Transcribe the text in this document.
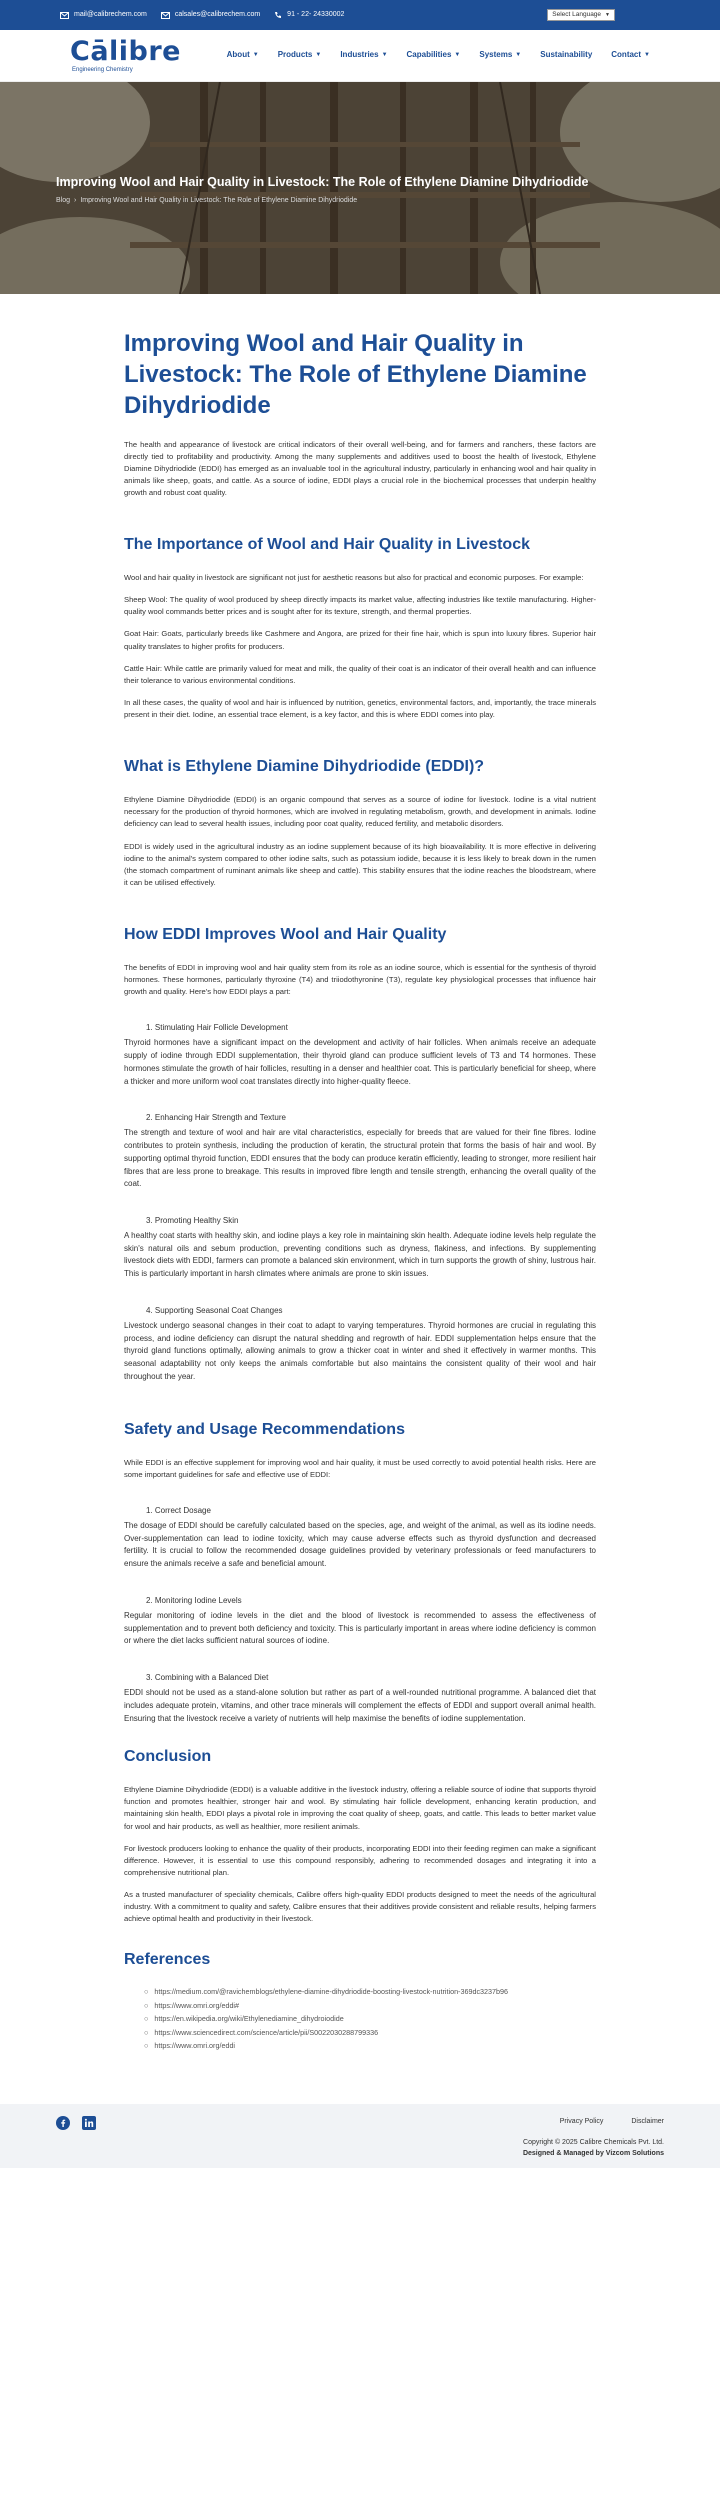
mail@calibrechem.com	calsales@calibrechem.com	91 - 22- 24330002	Select Language ▼
Cālibre
Engineering Chemistry
About ▼ Products ▼ Industries ▼ Capabilities ▼ Systems ▼ Sustainability Contact ▼
Improving Wool and Hair Quality in Livestock: The Role of Ethylene Diamine Dihydriodide
Blog › Improving Wool and Hair Quality in Livestock: The Role of Ethylene Diamine Dihydriodide
Improving Wool and Hair Quality in Livestock: The Role of Ethylene Diamine Dihydriodide

The health and appearance of livestock are critical indicators of their overall well-being, and for farmers and ranchers, these factors are directly tied to profitability and productivity. Among the many supplements and additives used to boost the health of livestock, Ethylene Diamine Dihydriodide (EDDI) has emerged as an invaluable tool in the agricultural industry, particularly in enhancing wool and hair quality in animals like sheep, goats, and cattle. As a source of iodine, EDDI plays a crucial role in the biochemical processes that underpin healthy growth and robust coat quality.

The Importance of Wool and Hair Quality in Livestock

Wool and hair quality in livestock are significant not just for aesthetic reasons but also for practical and economic purposes. For example:

Sheep Wool: The quality of wool produced by sheep directly impacts its market value, affecting industries like textile manufacturing. Higher-quality wool commands better prices and is sought after for its texture, strength, and thermal properties.

Goat Hair: Goats, particularly breeds like Cashmere and Angora, are prized for their fine hair, which is spun into luxury fibres. Superior hair quality translates to higher profits for producers.

Cattle Hair: While cattle are primarily valued for meat and milk, the quality of their coat is an indicator of their overall health and can influence their tolerance to various environmental conditions.

In all these cases, the quality of wool and hair is influenced by nutrition, genetics, environmental factors, and, importantly, the trace minerals present in their diet. Iodine, an essential trace element, is a key factor, and this is where EDDI comes into play.

What is Ethylene Diamine Dihydriodide (EDDI)?

Ethylene Diamine Dihydriodide (EDDI) is an organic compound that serves as a source of iodine for livestock. Iodine is a vital nutrient necessary for the production of thyroid hormones, which are involved in regulating metabolism, growth, and development in animals. Iodine deficiency can lead to several health issues, including poor coat quality, reduced fertility, and metabolic disorders.

EDDI is widely used in the agricultural industry as an iodine supplement because of its high bioavailability. It is more effective in delivering iodine to the animal's system compared to other iodine salts, such as potassium iodide, because it is less likely to break down in the rumen (the stomach compartment of ruminant animals like sheep and cattle). This stability ensures that the iodine reaches the bloodstream, where it can be utilised effectively.

How EDDI Improves Wool and Hair Quality

The benefits of EDDI in improving wool and hair quality stem from its role as an iodine source, which is essential for the synthesis of thyroid hormones. These hormones, particularly thyroxine (T4) and triiodothyronine (T3), regulate key physiological processes that influence hair growth and quality. Here's how EDDI plays a part:

1. Stimulating Hair Follicle Development
Thyroid hormones have a significant impact on the development and activity of hair follicles. When animals receive an adequate supply of iodine through EDDI supplementation, their thyroid gland can produce sufficient levels of T3 and T4 hormones. These hormones stimulate the growth of hair follicles, resulting in a denser and healthier coat. This is particularly beneficial for sheep, where a thicker and more uniform wool coat translates directly into higher-quality fleece.
2. Enhancing Hair Strength and Texture
The strength and texture of wool and hair are vital characteristics, especially for breeds that are valued for their fine fibres. Iodine contributes to protein synthesis, including the production of keratin, the structural protein that forms the basis of hair and wool. By supporting optimal thyroid function, EDDI ensures that the body can produce keratin efficiently, leading to stronger, more resilient hair fibres that are less prone to breakage. This results in improved fibre length and tensile strength, enhancing the overall quality of the coat.
3. Promoting Healthy Skin
A healthy coat starts with healthy skin, and iodine plays a key role in maintaining skin health. Adequate iodine levels help regulate the skin's natural oils and sebum production, preventing conditions such as dryness, flakiness, and infections. By supplementing livestock diets with EDDI, farmers can promote a balanced skin environment, which in turn supports the growth of shiny, lustrous hair. This is particularly important in harsh climates where animals are prone to skin issues.
4. Supporting Seasonal Coat Changes
Livestock undergo seasonal changes in their coat to adapt to varying temperatures. Thyroid hormones are crucial in regulating this process, and iodine deficiency can disrupt the natural shedding and regrowth of hair. EDDI supplementation helps ensure that the thyroid gland functions optimally, allowing animals to grow a thicker coat in winter and shed it effectively in warmer months. This seasonal adaptability not only keeps the animals comfortable but also maintains the consistent quality of their wool and hair throughout the year.
Safety and Usage Recommendations

While EDDI is an effective supplement for improving wool and hair quality, it must be used correctly to avoid potential health risks. Here are some important guidelines for safe and effective use of EDDI:

1. Correct Dosage
The dosage of EDDI should be carefully calculated based on the species, age, and weight of the animal, as well as its iodine needs. Over-supplementation can lead to iodine toxicity, which may cause adverse effects such as thyroid dysfunction and decreased fertility. It is crucial to follow the recommended dosage guidelines provided by veterinary professionals or feed manufacturers to ensure the animals receive a safe and beneficial amount.
2. Monitoring Iodine Levels
Regular monitoring of iodine levels in the diet and the blood of livestock is recommended to assess the effectiveness of supplementation and to prevent both deficiency and toxicity. This is particularly important in areas where iodine deficiency is common or where the diet lacks sufficient natural sources of iodine.
3. Combining with a Balanced Diet
EDDI should not be used as a stand-alone solution but rather as part of a well-rounded nutritional programme. A balanced diet that includes adequate protein, vitamins, and other trace minerals will complement the effects of EDDI and support overall animal health. Ensuring that the livestock receive a variety of nutrients will help maximise the benefits of iodine supplementation.
Conclusion

Ethylene Diamine Dihydriodide (EDDI) is a valuable additive in the livestock industry, offering a reliable source of iodine that supports thyroid function and promotes healthier, stronger hair and wool. By stimulating hair follicle development, enhancing keratin production, and maintaining skin health, EDDI plays a pivotal role in improving the coat quality of sheep, goats, and cattle. This leads to better market value for wool and hair products, as well as healthier, more resilient animals.

For livestock producers looking to enhance the quality of their products, incorporating EDDI into their feeding regimen can make a significant difference. However, it is essential to use this compound responsibly, adhering to recommended dosages and integrating it into a comprehensive nutritional plan.

As a trusted manufacturer of speciality chemicals, Calibre offers high-quality EDDI products designed to meet the needs of the agricultural industry. With a commitment to quality and safety, Calibre ensures that their additives provide consistent and reliable results, helping farmers achieve optimal health and productivity in their livestock.

References
○ https://medium.com/@ravichemblogs/ethylene-diamine-dihydriodide-boosting-livestock-nutrition-369dc3237b96
○ https://www.omri.org/eddi#
○ https://en.wikipedia.org/wiki/Ethylenediamine_dihydroiodide
○ https://www.sciencedirect.com/science/article/pii/S0022030288799336
○ https://www.omri.org/eddi
Privacy Policy	Disclaimer
Copyright © 2025 Calibre Chemicals Pvt. Ltd.
Designed & Managed by Vizcom Solutions
